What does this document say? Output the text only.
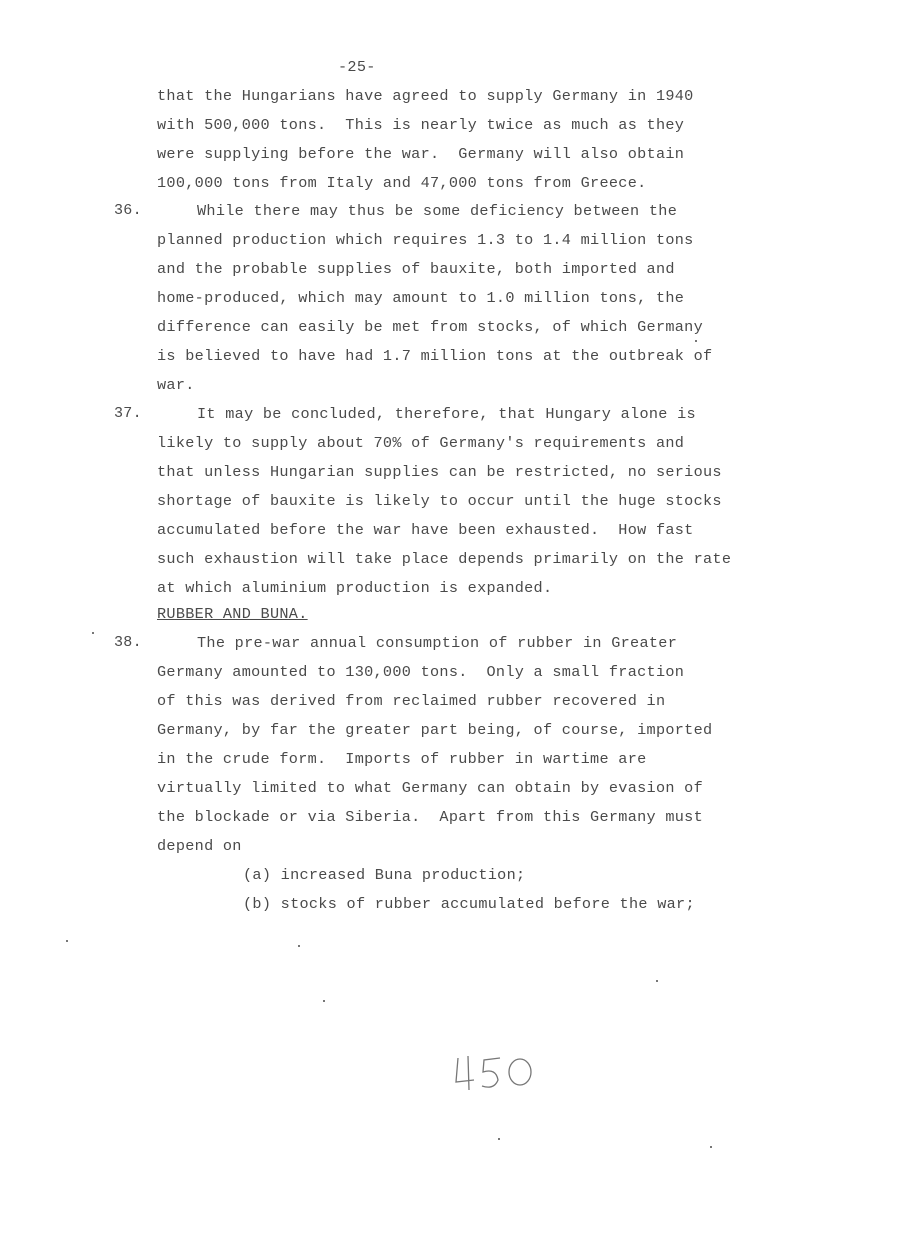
-25-
that the Hungarians have agreed to supply Germany in 1940
with 500,000 tons.  This is nearly twice as much as they
were supplying before the war.  Germany will also obtain
100,000 tons from Italy and 47,000 tons from Greece.
36.	While there may thus be some deficiency between the
planned production which requires 1.3 to 1.4 million tons
and the probable supplies of bauxite, both imported and
home-produced, which may amount to 1.0 million tons, the
difference can easily be met from stocks, of which Germany
is believed to have had 1.7 million tons at the outbreak of
war.
37.	It may be concluded, therefore, that Hungary alone is
likely to supply about 70% of Germany's requirements and
that unless Hungarian supplies can be restricted, no serious
shortage of bauxite is likely to occur until the huge stocks
accumulated before the war have been exhausted.  How fast
such exhaustion will take place depends primarily on the rate
at which aluminium production is expanded.
RUBBER AND BUNA.
38.	The pre-war annual consumption of rubber in Greater
Germany amounted to 130,000 tons.  Only a small fraction
of this was derived from reclaimed rubber recovered in
Germany, by far the greater part being, of course, imported
in the crude form.  Imports of rubber in wartime are
virtually limited to what Germany can obtain by evasion of
the blockade or via Siberia.  Apart from this Germany must
depend on
(a) increased Buna production;
(b) stocks of rubber accumulated before the war;
